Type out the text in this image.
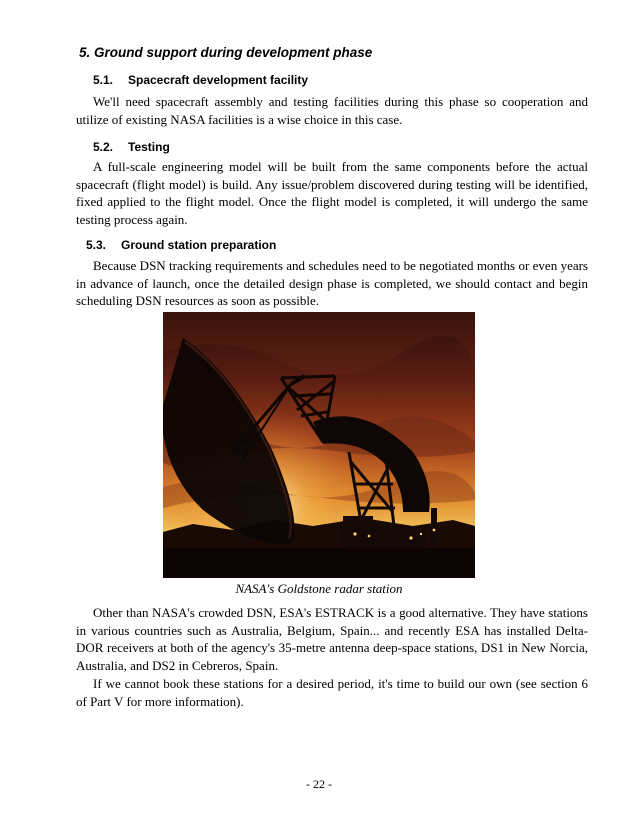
5. Ground support during development phase
5.1. Spacecraft development facility

We'll need spacecraft assembly and testing facilities during this phase so cooperation and utilize of existing NASA facilities is a wise choice in this case.

5.2. Testing

A full-scale engineering model will be built from the same components before the actual spacecraft (flight model) is build. Any issue/problem discovered during testing will be identified, fixed applied to the flight model. Once the flight model is completed, it will undergo the same testing process again.

5.3. Ground station preparation

Because DSN tracking requirements and schedules need to be negotiated months or even years in advance of launch, once the detailed design phase is completed, we should contact and begin scheduling DSN resources as soon as possible.

NASA's Goldstone radar station

Other than NASA's crowded DSN, ESA's ESTRACK is a good alternative. They have stations in various countries such as Australia, Belgium, Spain... and recently ESA has installed Delta-DOR receivers at both of the agency's 35-metre antenna deep-space stations, DS1 in New Norcia, Australia, and DS2 in Cebreros, Spain.

If we cannot book these stations for a desired period, it's time to build our own (see section 6 of Part V for more information).

- 22 -
